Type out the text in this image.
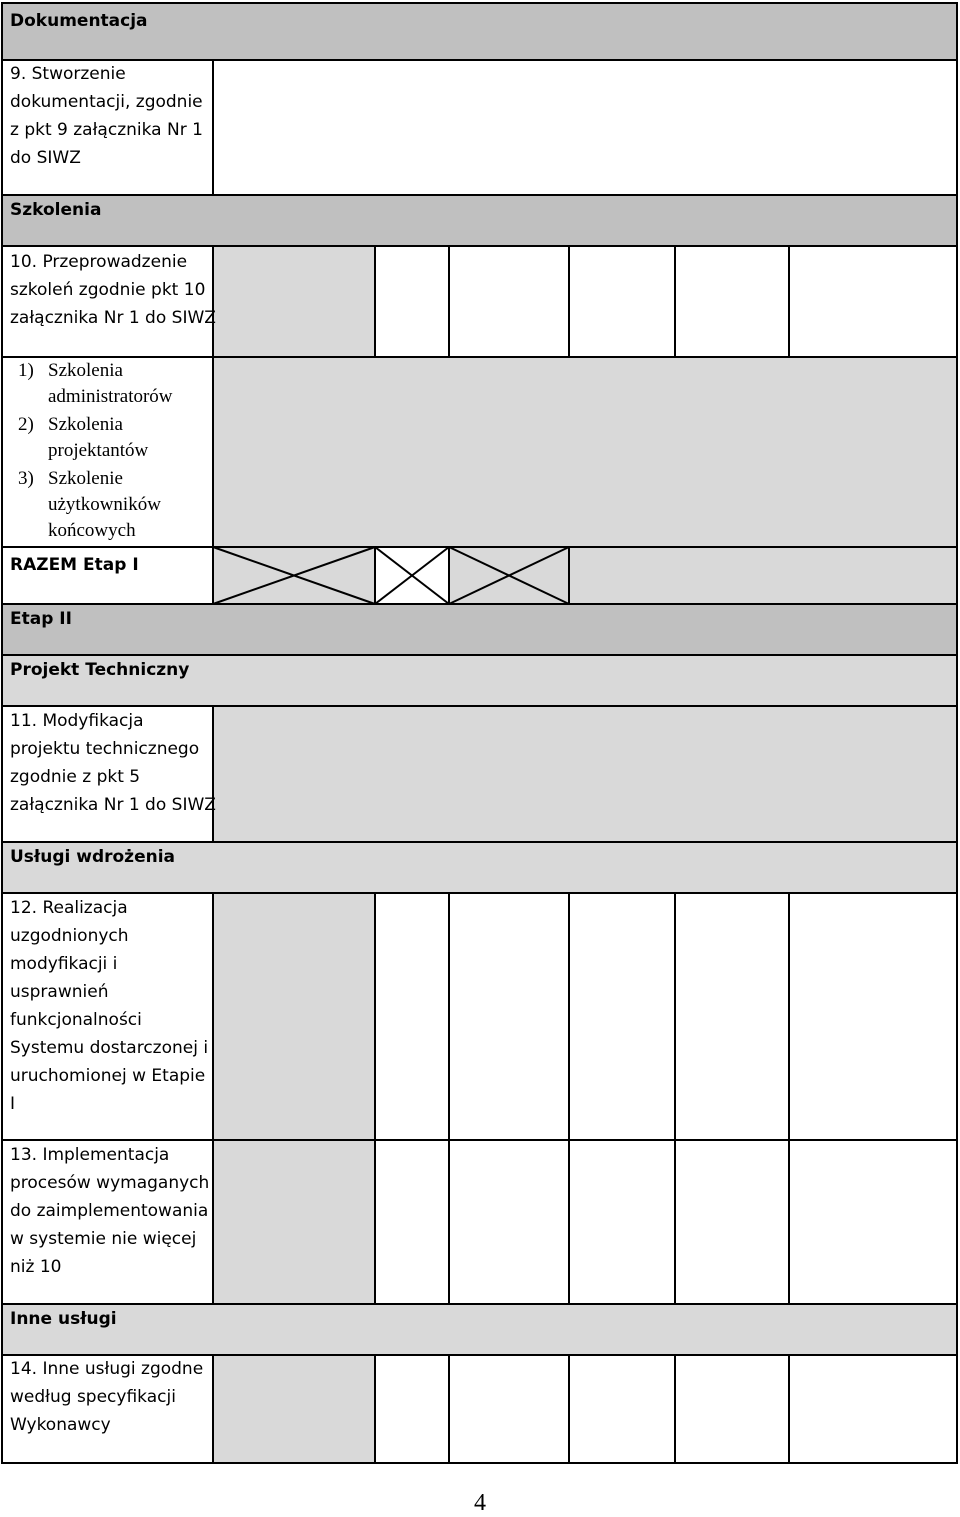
Dokumentacja
Szkolenia
RAZEM Etap I
Etap II
Projekt Techniczny
Usługi wdrożenia
Inne usługi
9. Stworzenie
dokumentacji, zgodnie
z pkt 9 załącznika Nr 1
do SIWZ
10. Przeprowadzenie
szkoleń zgodnie pkt 10
załącznika Nr 1 do SIWZ
1) Szkolenia
administratorów
2) Szkolenia
projektantów
3) Szkolenie
użytkowników
końcowych
11. Modyfikacja
projektu technicznego
zgodnie z pkt 5
załącznika Nr 1 do SIWZ
12. Realizacja
uzgodnionych
modyfikacji i
usprawnień
funkcjonalności
Systemu dostarczonej i
uruchomionej w Etapie
I
13. Implementacja
procesów wymaganych
do zaimplementowania
w systemie nie więcej
niż 10
14. Inne usługi zgodne
według specyfikacji
Wykonawcy
4
